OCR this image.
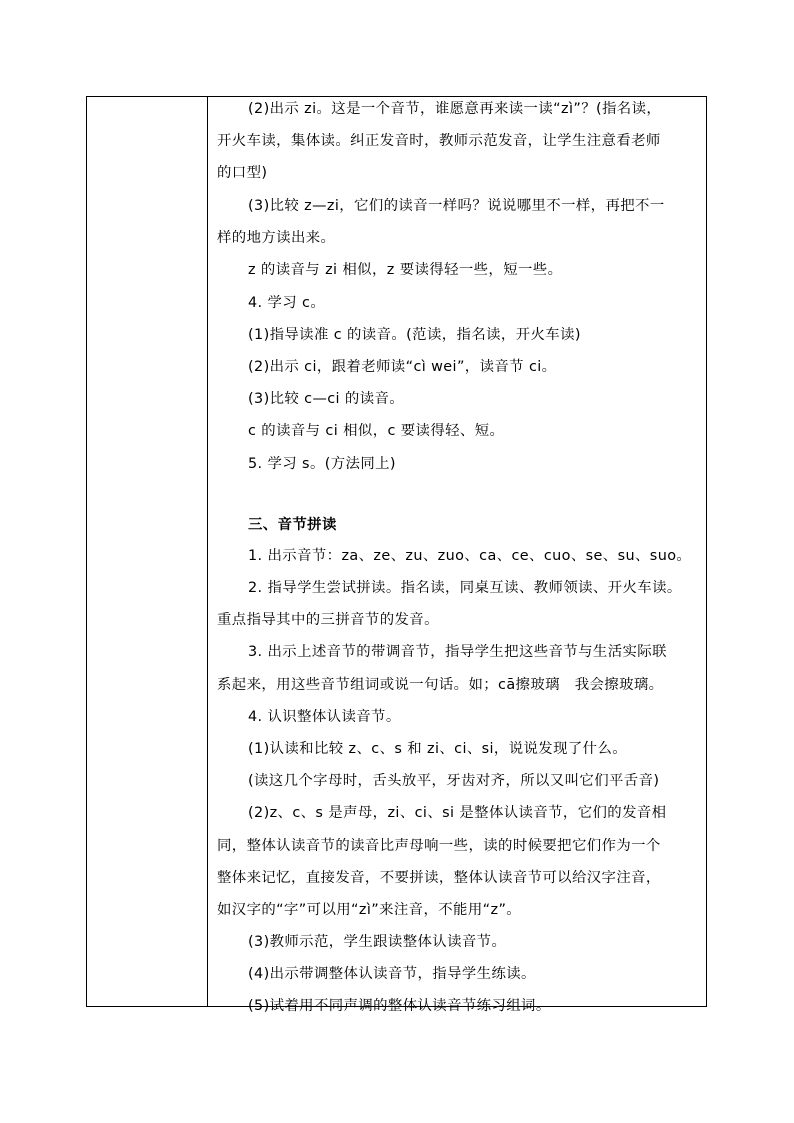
(2)出示 zi。这是一个音节，谁愿意再来读一读“zì”？(指名读，
开火车读，集体读。纠正发音时，教师示范发音，让学生注意看老师
的口型)
(3)比较 z—zi，它们的读音一样吗？说说哪里不一样，再把不一
样的地方读出来。
z 的读音与 zi 相似，z 要读得轻一些，短一些。
4. 学习 c。
(1)指导读准 c 的读音。(范读，指名读，开火车读)
(2)出示 ci，跟着老师读“cì wei”，读音节 ci。
(3)比较 c—ci 的读音。
c 的读音与 ci 相似，c 要读得轻、短。
5. 学习 s。(方法同上)
三、音节拼读
1. 出示音节：za、ze、zu、zuo、ca、ce、cuo、se、su、suo。
2. 指导学生尝试拼读。指名读，同桌互读、教师领读、开火车读。
重点指导其中的三拼音节的发音。
3. 出示上述音节的带调音节，指导学生把这些音节与生活实际联
系起来，用这些音节组词或说一句话。如；cā擦玻璃　我会擦玻璃。
4. 认识整体认读音节。
(1)认读和比较 z、c、s 和 zi、ci、si，说说发现了什么。
(读这几个字母时，舌头放平，牙齿对齐，所以又叫它们平舌音)
(2)z、c、s 是声母，zi、ci、si 是整体认读音节，它们的发音相
同，整体认读音节的读音比声母响一些，读的时候要把它们作为一个
整体来记忆，直接发音，不要拼读，整体认读音节可以给汉字注音，
如汉字的“字”可以用“zì”来注音，不能用“z”。
(3)教师示范，学生跟读整体认读音节。
(4)出示带调整体认读音节，指导学生练读。
(5)试着用不同声调的整体认读音节练习组词。
